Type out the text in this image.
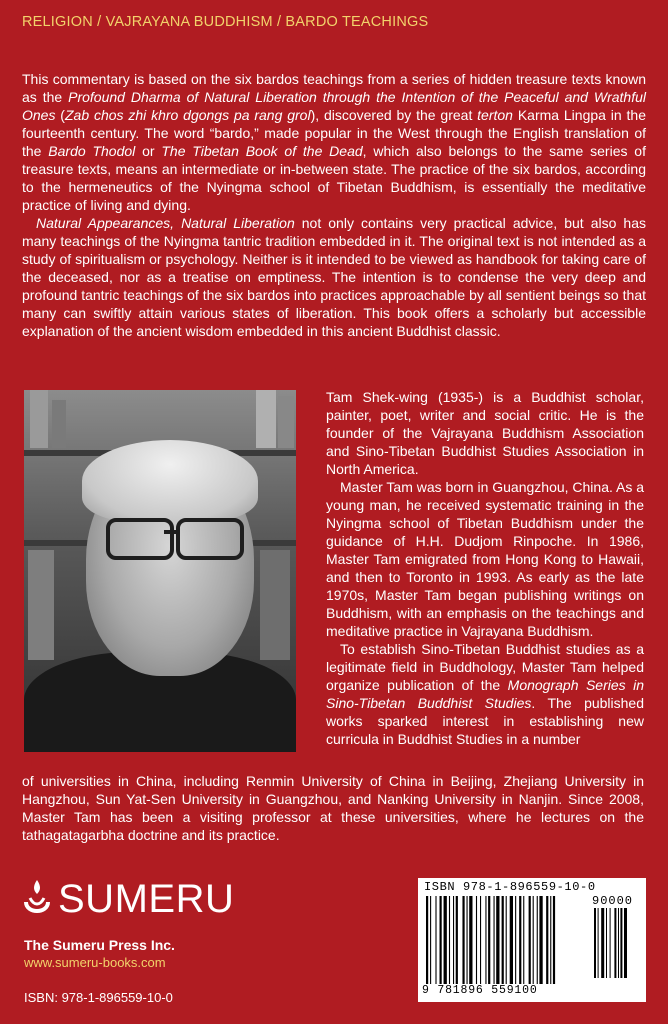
RELIGION / VAJRAYANA BUDDHISM / BARDO TEACHINGS

This commentary is based on the six bardos teachings from a series of hidden treasure texts known as the Profound Dharma of Natural Liberation through the Intention of the Peaceful and Wrathful Ones (Zab chos zhi khro dgongs pa rang grol), discovered by the great terton Karma Lingpa in the fourteenth century. The word “bardo,” made popular in the West through the English translation of the Bardo Thodol or The Tibetan Book of the Dead, which also belongs to the same series of treasure texts, means an intermediate or in-between state. The practice of the six bardos, according to the hermeneutics of the Nyingma school of Tibetan Buddhism, is essentially the meditative practice of living and dying.

Natural Appearances, Natural Liberation not only contains very practical advice, but also has many teachings of the Nyingma tantric tradition embedded in it. The original text is not intended as a study of spiritualism or psychology. Neither is it intended to be viewed as handbook for taking care of the deceased, nor as a treatise on emptiness. The intention is to condense the very deep and profound tantric teachings of the six bardos into practices approachable by all sentient beings so that many can swiftly attain various states of liberation. This book offers a scholarly but accessible explanation of the ancient wisdom embedded in this ancient Buddhist classic.

Tam Shek-wing (1935-) is a Buddhist scholar, painter, poet, writer and social critic. He is the founder of the Vajrayana Buddhism Association and Sino-Tibetan Buddhist Studies Association in North America.

Master Tam was born in Guangzhou, China. As a young man, he received systematic training in the Nyingma school of Tibetan Buddhism under the guidance of H.H. Dudjom Rinpoche. In 1986, Master Tam emigrated from Hong Kong to Hawaii, and then to Toronto in 1993. As early as the late 1970s, Master Tam began publishing writings on Buddhism, with an emphasis on the teachings and meditative practice in Vajrayana Buddhism.

To establish Sino-Tibetan Buddhist studies as a legitimate field in Buddhology, Master Tam helped organize publication of the Monograph Series in Sino-Tibetan Buddhist Studies. The published works sparked interest in establishing new curricula in Buddhist Studies in a number

of universities in China, including Renmin University of China in Beijing, Zhejiang University in Hangzhou, Sun Yat-Sen University in Guangzhou, and Nanking University in Nanjin. Since 2008, Master Tam has been a visiting professor at these universities, where he lectures on the tathagatagarbha doctrine and its practice.
SUMERU
The Sumeru Press Inc.
www.sumeru-books.com
ISBN: 978-1-896559-10-0
ISBN 978-1-896559-10-0
90000
9 781896 559100
